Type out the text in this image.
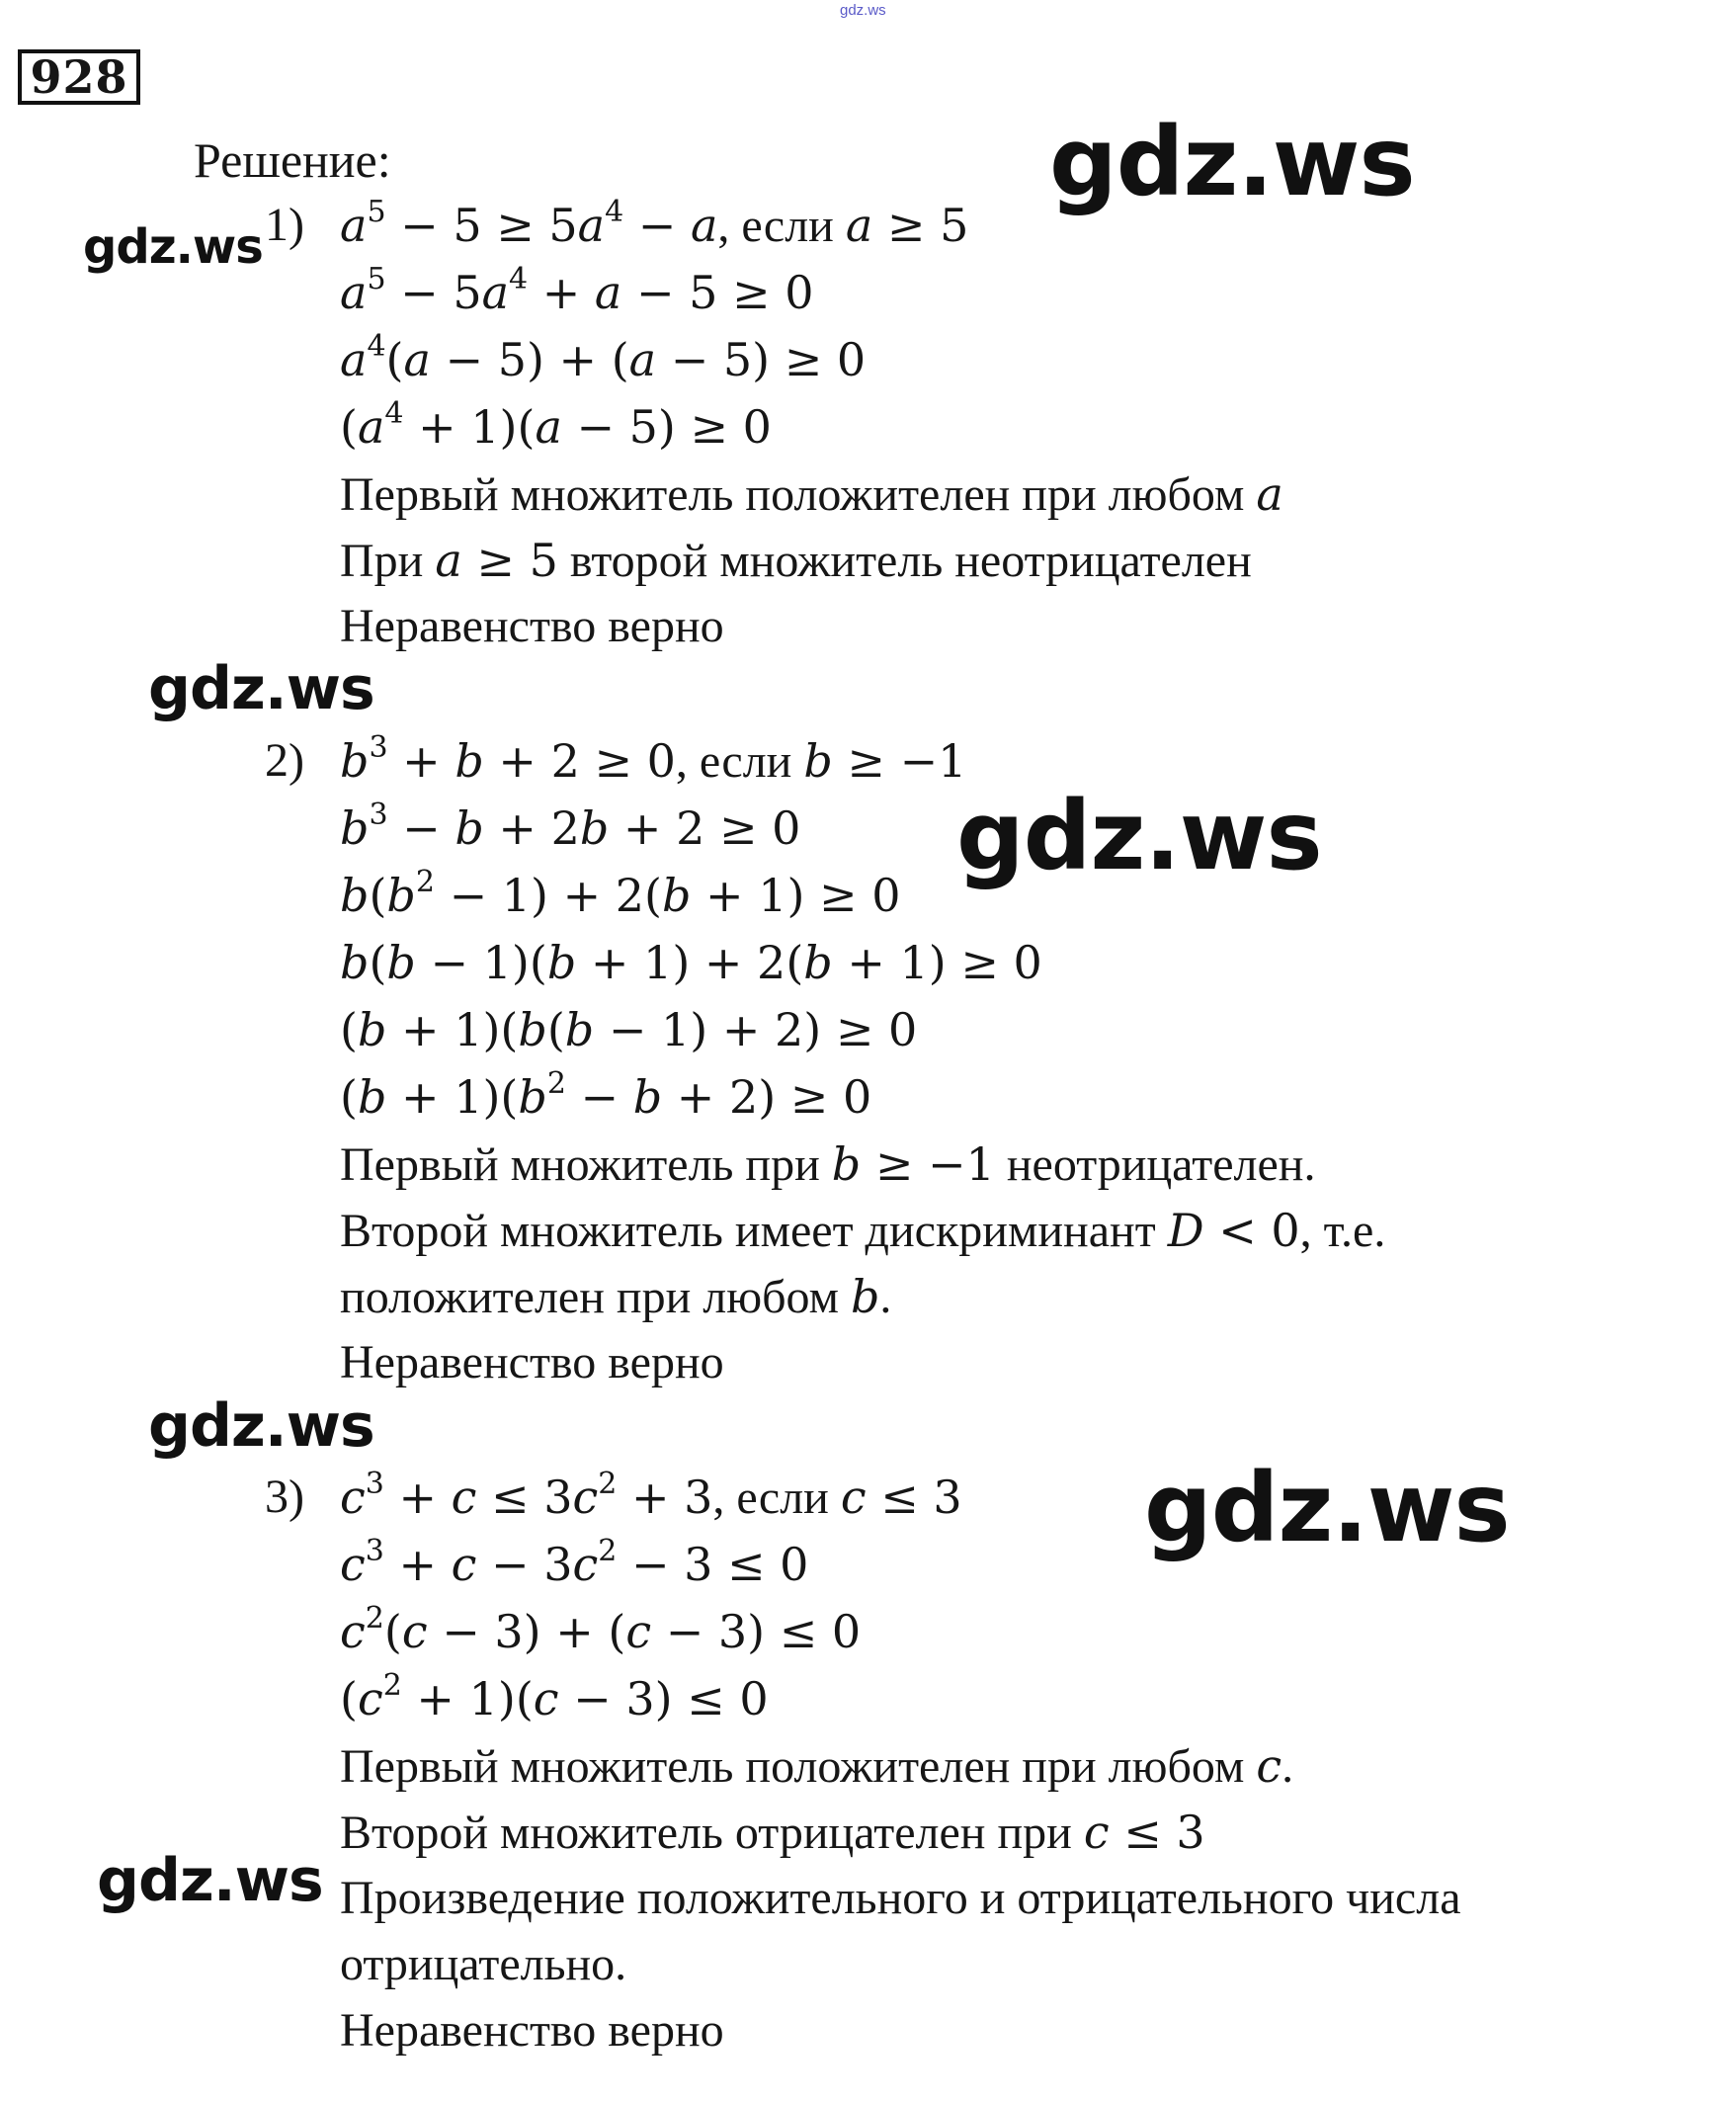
gdz.ws
928
Решение:	gdz.ws
gdz.ws
gdz.ws
gdz.ws
gdz.ws
gdz.ws
gdz.ws
1) $a^5 - 5 \ge 5a^4 - a$, если a ≥ 5
$a^5 - 5a^4 + a - 5 \ge 0$
$a^4(a - 5) + (a - 5) \ge 0$
$(a^4 + 1)(a - 5) \ge 0$
Первый множитель положителен при любом a
При a ≥ 5 второй множитель неотрицателен
Неравенство верно
2) $b^3 + b + 2 \ge 0$, если b ≥ −1
$b^3 - b + 2b + 2 \ge 0$
$b(b^2 - 1) + 2(b + 1) \ge 0$
b(b − 1)(b + 1) + 2(b + 1) ≥ 0
(b + 1)(b(b − 1) + 2) ≥ 0
$(b + 1)(b^2 - b + 2) \ge 0$
Первый множитель при b ≥ −1 неотрицателен.
Второй множитель имеет дискриминант D < 0, т.е.
положителен при любом b.
Неравенство верно
3) $c^3 + c \le 3c^2 + 3$, если c ≤ 3
$c^3 + c - 3c^2 - 3 \le 0$
$c^2(c - 3) + (c - 3) \le 0$
$(c^2 + 1)(c - 3) \le 0$
Первый множитель положителен при любом c.
Второй множитель отрицателен при c ≤ 3
Произведение положительного и отрицательного числа
отрицательно.
Неравенство верно
